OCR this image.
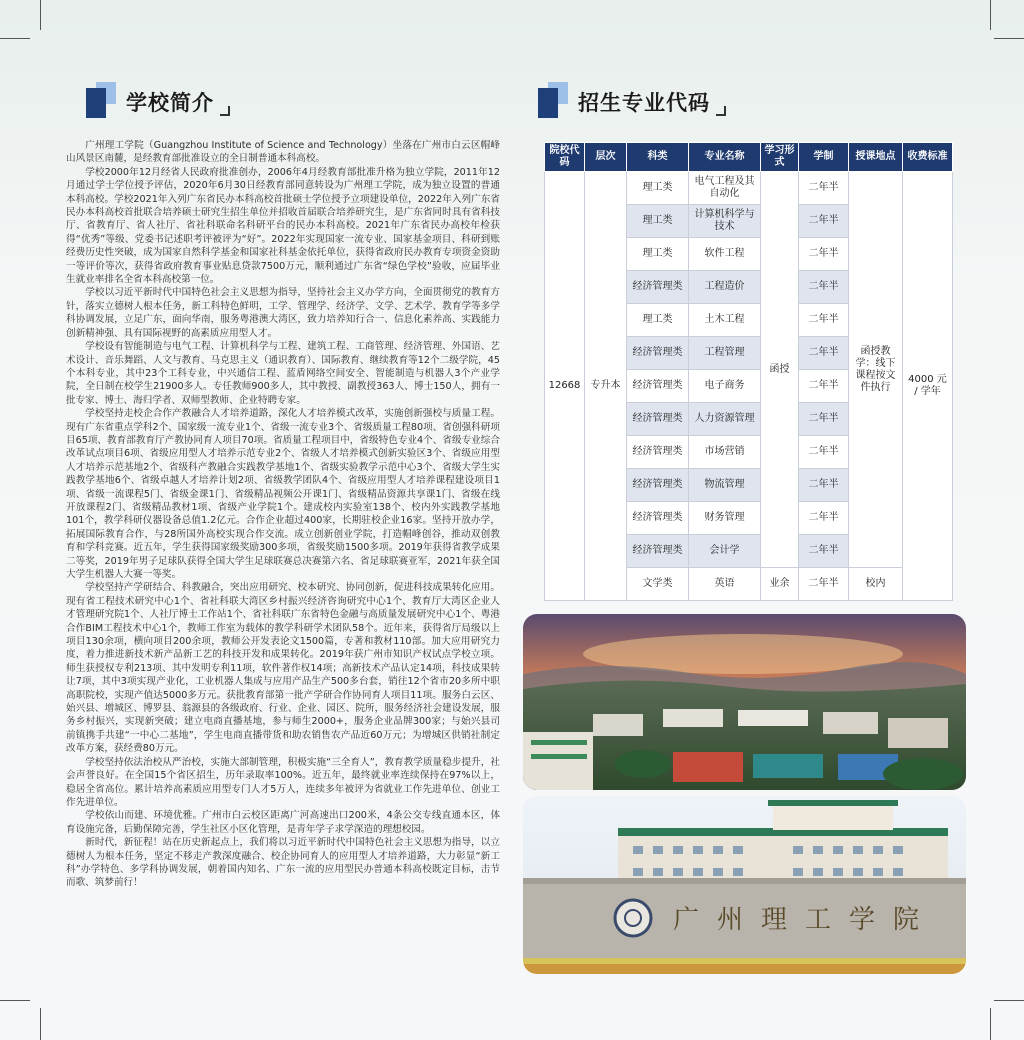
学校简介	招生专业代码

广州理工学院（Guangzhou Institute of Science and Technology）坐落在广州市白云区帽峰山风景区南麓，是经教育部批准设立的全日制普通本科高校。

学校2000年12月经省人民政府批准创办，2006年4月经教育部批准升格为独立学院，2011年12月通过学士学位授予评估，2020年6月30日经教育部同意转设为广州理工学院，成为独立设置的普通本科高校。学校2021年入列广东省民办本科高校首批硕士学位授予立项建设单位，2022年入列广东省民办本科高校首批联合培养硕士研究生招生单位并招收首届联合培养研究生，是广东省同时具有省科技厅、省教育厅、省人社厅、省社科联命名科研平台的民办本科高校。2021年广东省民办高校年检获得“优秀”等级、党委书记述职考评被评为“好”。2022年实现国家一流专业、国家基金项目、科研到账经费历史性突破，成为国家自然科学基金和国家社科基金依托单位，获得省政府民办教育专项资金资助一等评价等次，获得省政府教育事业贴息贷款7500万元，顺利通过广东省“绿色学校”验收，应届毕业生就业率排名全省本科高校第一位。

学校以习近平新时代中国特色社会主义思想为指导，坚持社会主义办学方向，全面贯彻党的教育方针，落实立德树人根本任务，新工科特色鲜明，工学、管理学、经济学、文学、艺术学、教育学等多学科协调发展，立足广东，面向华南，服务粤港澳大湾区，致力培养知行合一、信息化素养高、实践能力创新精神强、具有国际视野的高素质应用型人才。

学校设有智能制造与电气工程、计算机科学与工程、建筑工程、工商管理、经济管理、外国语、艺术设计、音乐舞蹈、人文与教育、马克思主义（通识教育）、国际教育、继续教育等12个二级学院，45个本科专业，其中23个工科专业，中兴通信工程、蓝盾网络空间安全、智能制造与机器人3个产业学院，全日制在校学生21900多人。专任教师900多人，其中教授、副教授363人、博士150人，拥有一批专家、博士、海归学者、双师型教师、企业特聘专家。

学校坚持走校企合作产教融合人才培养道路，深化人才培养模式改革，实施创新强校与质量工程。现有广东省重点学科2个、国家级一流专业1个、省级一流专业3个、省级质量工程80项、省创强科研项目65项、教育部教育厅产教协同育人项目70项。省质量工程项目中，省级特色专业4个、省级专业综合改革试点项目6项、省级应用型人才培养示范专业2个、省级人才培养模式创新实验区3个、省级应用型人才培养示范基地2个、省级科产教融合实践教学基地1个、省级实验教学示范中心3个、省级大学生实践教学基地6个、省级卓越人才培养计划2项、省级教学团队4个、省级应用型人才培养课程建设项目1项、省级一流课程5门、省级金课1门、省级精品视频公开课1门、省级精品资源共享课1门、省级在线开放课程2门、省级精品教材1项、省级产业学院1个。建成校内实验室138个、校内外实践教学基地101个，教学科研仪器设备总值1.2亿元。合作企业超过400家，长期驻校企业16家。坚持开放办学，拓展国际教育合作，与28所国外高校实现合作交流。成立创新创业学院，打造帽峰创谷，推动双创教育和学科竞赛。近五年，学生获得国家级奖励300多项，省级奖励1500多项。2019年获得省教学成果二等奖，2019年男子足球队获得全国大学生足球联赛总决赛第六名、省足球联赛亚军，2021年获全国大学生机器人大赛一等奖。

学校坚持产学研结合、科教融合，突出应用研究、校本研究、协同创新，促进科技成果转化应用。现有省工程技术研究中心1个、省社科联大湾区乡村振兴经济咨询研究中心1个、教育厅大湾区企业人才管理研究院1个、人社厅博士工作站1个、省社科联广东省特色金融与高质量发展研究中心1个、粤港合作BIM工程技术中心1个，教师工作室为载体的教学科研学术团队58个。近年来，获得省厅局级以上项目130余项，横向项目200余项，教师公开发表论文1500篇，专著和教材110部。加大应用研究力度，着力推进新技术新产品新工艺的科技开发和成果转化。2019年获广州市知识产权试点学校立项。师生获授权专利213项、其中发明专利11项，软件著作权14项；高新技术产品认定14项，科技成果转让7项，其中3项实现产业化，工业机器人集成与应用产品生产500多台套，销往12个省市20多所中职高职院校，实现产值达5000多万元。获批教育部第一批产学研合作协同育人项目11项。服务白云区、始兴县、增城区、博罗县、翁源县的各级政府、行业、企业、园区、院所，服务经济社会建设发展，服务乡村振兴，实现新突破；建立电商直播基地，参与师生2000+，服务企业品牌300家；与始兴县司前镇携手共建“一中心二基地”，学生电商直播带货和助农销售农产品近60万元；为增城区供销社制定改革方案，获经费80万元。

学校坚持依法治校从严治校，实施大部制管理，积极实施“三全育人”，教育教学质量稳步提升，社会声誉良好。在全国15个省区招生，历年录取率100%。近五年，最终就业率连续保持在97%以上，稳居全省高位。累计培养高素质应用型专门人才5万人，连续多年被评为省就业工作先进单位、创业工作先进单位。

学校依山而建、环境优雅。广州市白云校区距离广河高速出口200米，4条公交专线直通本区，体育设施完备，后勤保障完善，学生社区小区化管理，是青年学子求学深造的理想校园。

新时代，新征程！站在历史新起点上，我们将以习近平新时代中国特色社会主义思想为指导，以立德树人为根本任务，坚定不移走产教深度融合、校企协同育人的应用型人才培养道路，大力彰显“新工科”办学特色、多学科协调发展，朝着国内知名、广东一流的应用型民办普通本科高校既定目标，击节而歌、筑梦前行！

院校代码	层次	科类	专业名称	学习形式	学制	授课地点	收费标准
12668	专升本	理工类	电气工程及其自动化	函授	二年半	函授教学：线下课程按文件执行	4000 元 / 学年
		理工类	计算机科学与技术		二年半		
		理工类	软件工程		二年半		
		经济管理类	工程造价		二年半		
		理工类	土木工程		二年半		
		经济管理类	工程管理		二年半		
		经济管理类	电子商务		二年半		
		经济管理类	人力资源管理		二年半		
		经济管理类	市场营销		二年半		
		经济管理类	物流管理		二年半		
		经济管理类	财务管理		二年半		
		经济管理类	会计学		二年半		
		文学类	英语	业余	二年半	校内	
广州理工学院
